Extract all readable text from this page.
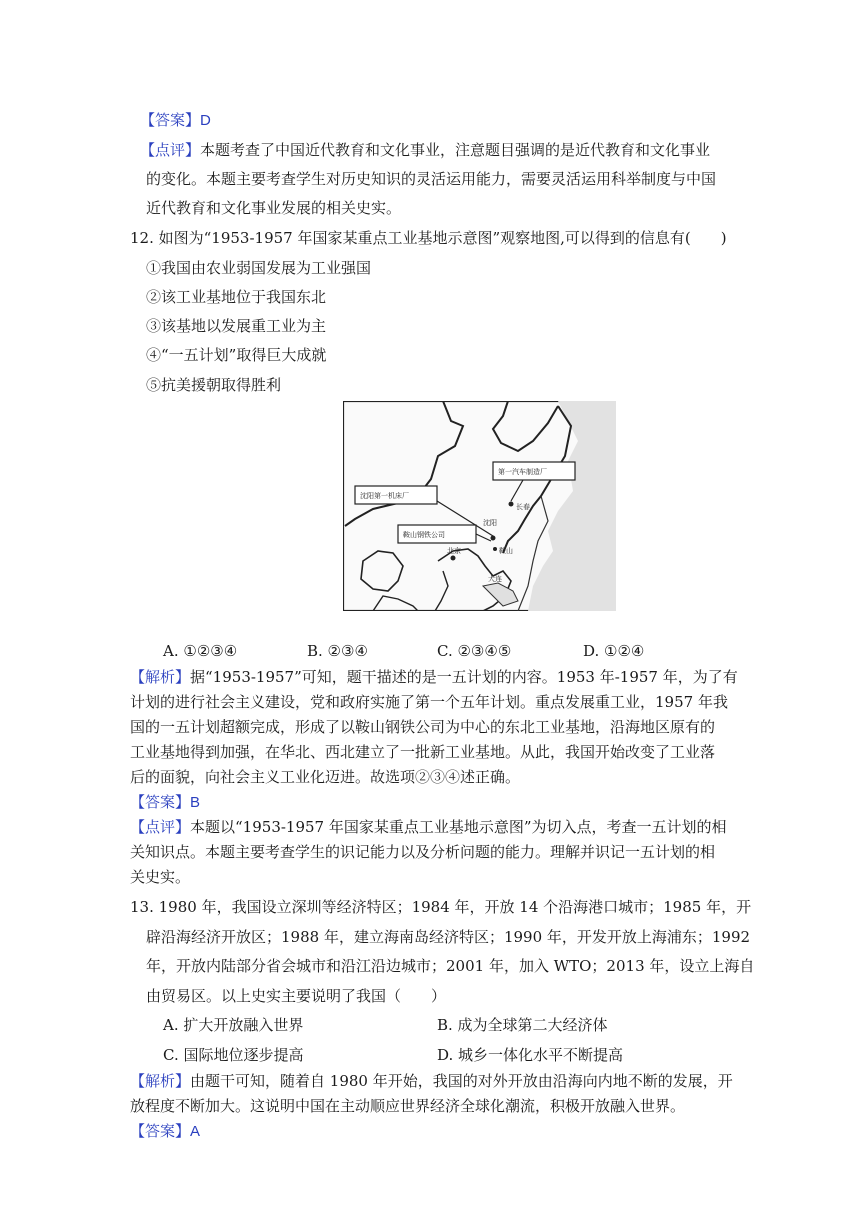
【答案】D
【点评】本题考查了中国近代教育和文化事业，注意题目强调的是近代教育和文化事业
的变化。本题主要考查学生对历史知识的灵活运用能力，需要灵活运用科举制度与中国
近代教育和文化事业发展的相关史实。
12. 如图为“1953-1957 年国家某重点工业基地示意图”观察地图,可以得到的信息有(　　)
①我国由农业弱国发展为工业强国
②该工业基地位于我国东北
③该基地以发展重工业为主
④“一五计划”取得巨大成就
⑤抗美援朝取得胜利
第一汽车制造厂
沈阳第一机床厂
鞍山钢铁公司
长春
沈阳
鞍山
北京
大连
A. ①②③④	B. ②③④	C. ②③④⑤	D. ①②④
【解析】据“1953-1957”可知，题干描述的是一五计划的内容。1953 年-1957 年，为了有
计划的进行社会主义建设，党和政府实施了第一个五年计划。重点发展重工业，1957 年我
国的一五计划超额完成，形成了以鞍山钢铁公司为中心的东北工业基地，沿海地区原有的
工业基地得到加强，在华北、西北建立了一批新工业基地。从此，我国开始改变了工业落
后的面貌，向社会主义工业化迈进。故选项②③④述正确。
【答案】B
【点评】本题以“1953-1957 年国家某重点工业基地示意图”为切入点，考查一五计划的相
关知识点。本题主要考查学生的识记能力以及分析问题的能力。理解并识记一五计划的相
关史实。
13. 1980 年，我国设立深圳等经济特区；1984 年，开放 14 个沿海港口城市；1985 年，开
辟沿海经济开放区；1988 年，建立海南岛经济特区；1990 年，开发开放上海浦东；1992
年，开放内陆部分省会城市和沿江沿边城市；2001 年，加入 WTO；2013 年，设立上海自
由贸易区。以上史实主要说明了我国（　　）
A. 扩大开放融入世界	B. 成为全球第二大经济体
C. 国际地位逐步提高	D. 城乡一体化水平不断提高
【解析】由题干可知，随着自 1980 年开始，我国的对外开放由沿海向内地不断的发展，开
放程度不断加大。这说明中国在主动顺应世界经济全球化潮流，积极开放融入世界。
【答案】A
